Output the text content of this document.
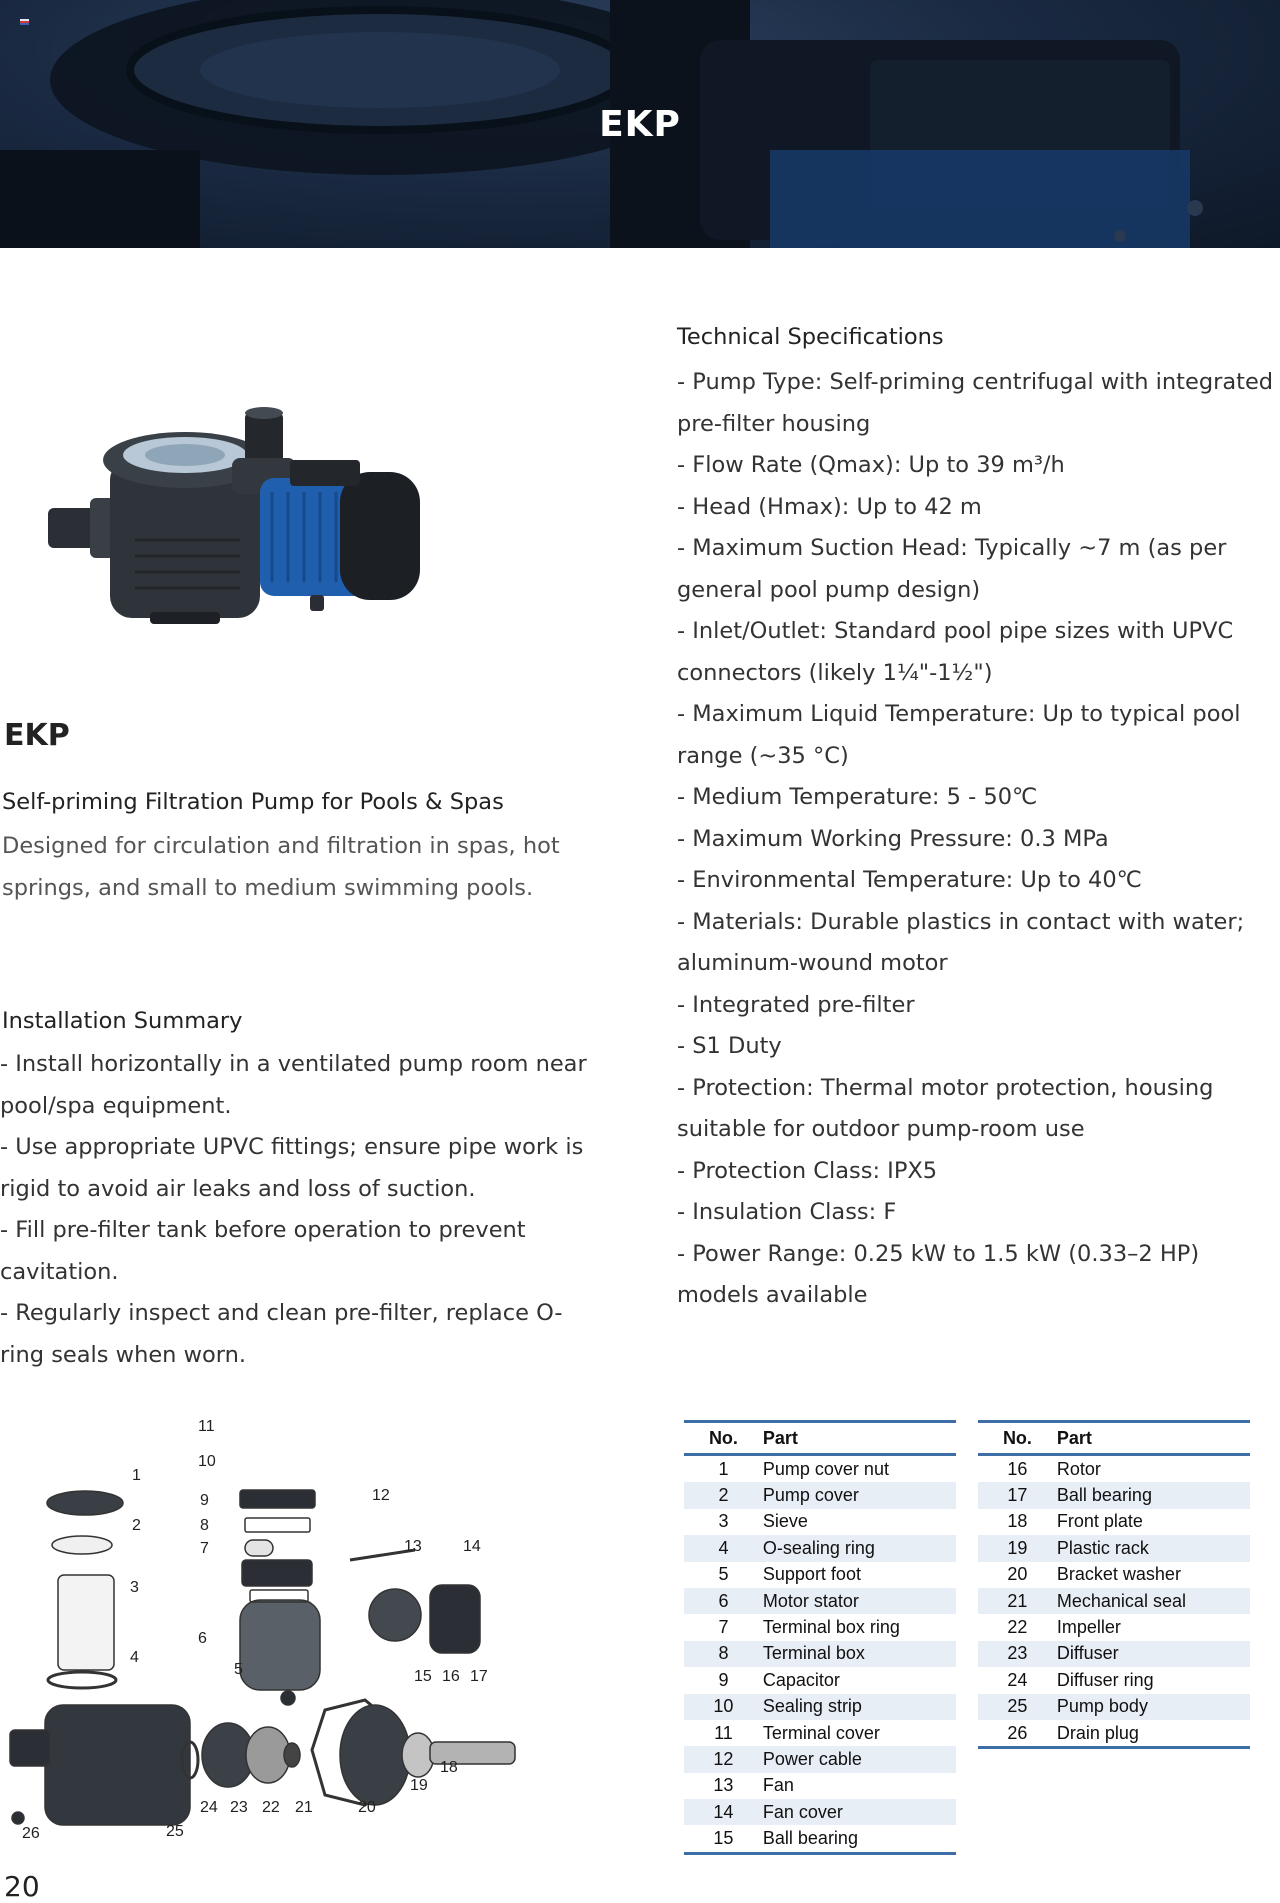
EKP
EKP
Self-priming Filtration Pump for Pools & Spas

Designed for circulation and filtration in spas, hot springs, and small to medium swimming pools.

Installation Summary
- Install horizontally in a ventilated pump room near pool/spa equipment.
- Use appropriate UPVC fittings; ensure pipe work is rigid to avoid air leaks and loss of suction.
- Fill pre-filter tank before operation to prevent cavitation.
- Regularly inspect and clean pre-filter, replace O-ring seals when worn.
Technical Specifications
- Pump Type: Self-priming centrifugal with integrated pre-filter housing
- Flow Rate (Qmax): Up to 39 m³/h
- Head (Hmax): Up to 42 m
- Maximum Suction Head: Typically ~7 m (as per general pool pump design)
- Inlet/Outlet: Standard pool pipe sizes with UPVC connectors (likely 1¼"-1½")
- Maximum Liquid Temperature: Up to typical pool range (~35 °C)
- Medium Temperature: 5 - 50℃
- Maximum Working Pressure: 0.3 MPa
- Environmental Temperature: Up to 40℃
- Materials: Durable plastics in contact with water; aluminum-wound motor
- Integrated pre-filter
- S1 Duty
- Protection: Thermal motor protection, housing suitable for outdoor pump-room use
- Protection Class: IPX5
- Insulation Class: F
- Power Range: 0.25 kW to 1.5 kW (0.33–2 HP) models available
1
2
3
4
5
6
7
8
9
10
11
12
13	14
15 16 17
18
19
20
21
22
23
24
25
26
No.	Part
1	Pump cover nut
2	Pump cover
3	Sieve
4	O-sealing ring
5	Support foot
6	Motor stator
7	Terminal box ring
8	Terminal box
9	Capacitor
10	Sealing strip
11	Terminal cover
12	Power cable
13	Fan
14	Fan cover
15	Ball bearing
No.	Part
16	Rotor
17	Ball bearing
18	Front plate
19	Plastic rack
20	Bracket washer
21	Mechanical seal
22	Impeller
23	Diffuser
24	Diffuser ring
25	Pump body
26	Drain plug
20
